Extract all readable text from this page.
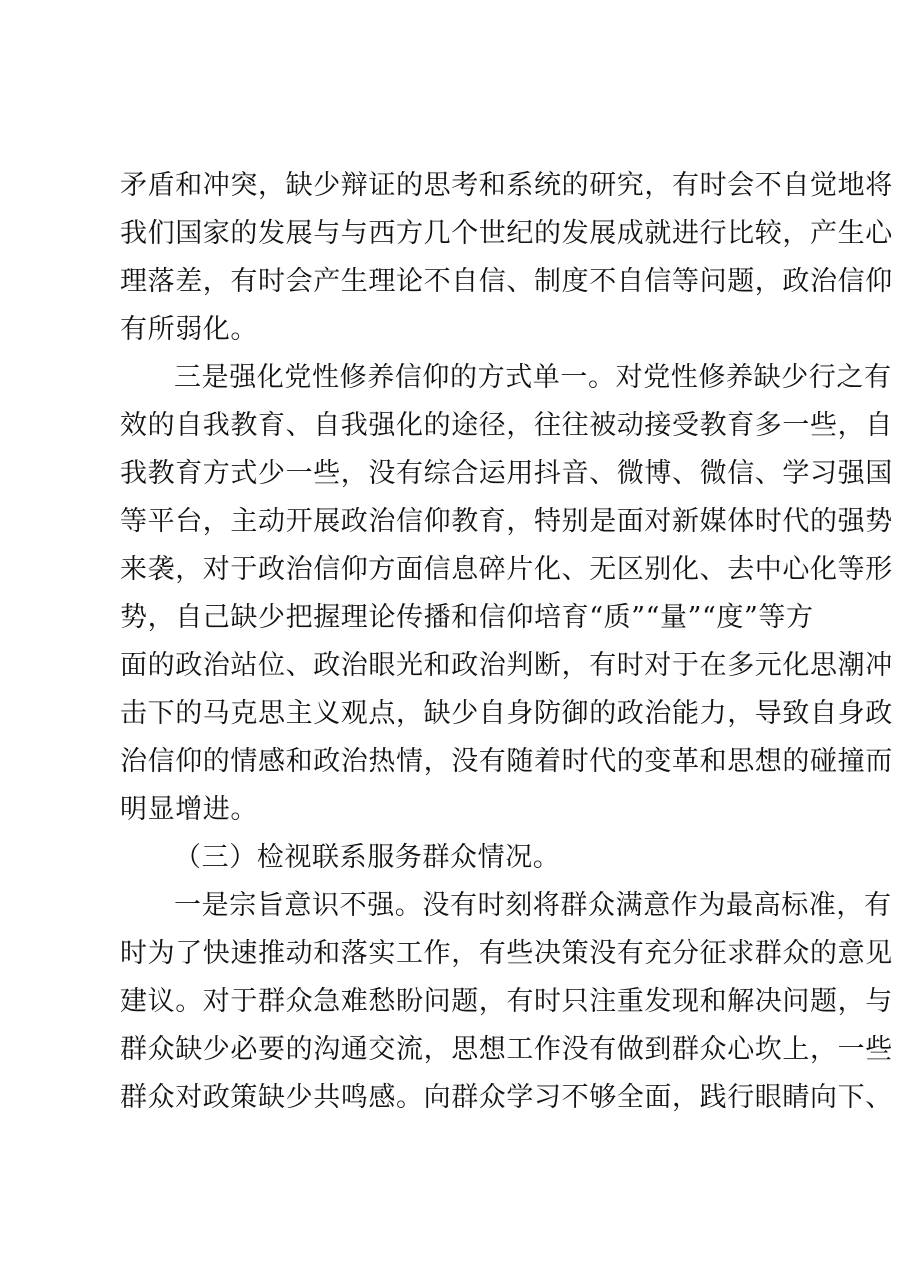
矛盾和冲突，缺少辩证的思考和系统的研究，有时会不自觉地将
我们国家的发展与与西方几个世纪的发展成就进行比较，产生心
理落差，有时会产生理论不自信、制度不自信等问题，政治信仰
有所弱化。
三是强化党性修养信仰的方式单一。对党性修养缺少行之有
效的自我教育、自我强化的途径，往往被动接受教育多一些，自
我教育方式少一些，没有综合运用抖音、微博、微信、学习强国
等平台，主动开展政治信仰教育，特别是面对新媒体时代的强势
来袭，对于政治信仰方面信息碎片化、无区别化、去中心化等形
势，自己缺少把握理论传播和信仰培育“质”“量”“度”等方
面的政治站位、政治眼光和政治判断，有时对于在多元化思潮冲
击下的马克思主义观点，缺少自身防御的政治能力，导致自身政
治信仰的情感和政治热情，没有随着时代的变革和思想的碰撞而
明显增进。
（三）检视联系服务群众情况。
一是宗旨意识不强。没有时刻将群众满意作为最高标准，有
时为了快速推动和落实工作，有些决策没有充分征求群众的意见
建议。对于群众急难愁盼问题，有时只注重发现和解决问题，与
群众缺少必要的沟通交流，思想工作没有做到群众心坎上，一些
群众对政策缺少共鸣感。向群众学习不够全面，践行眼睛向下、
